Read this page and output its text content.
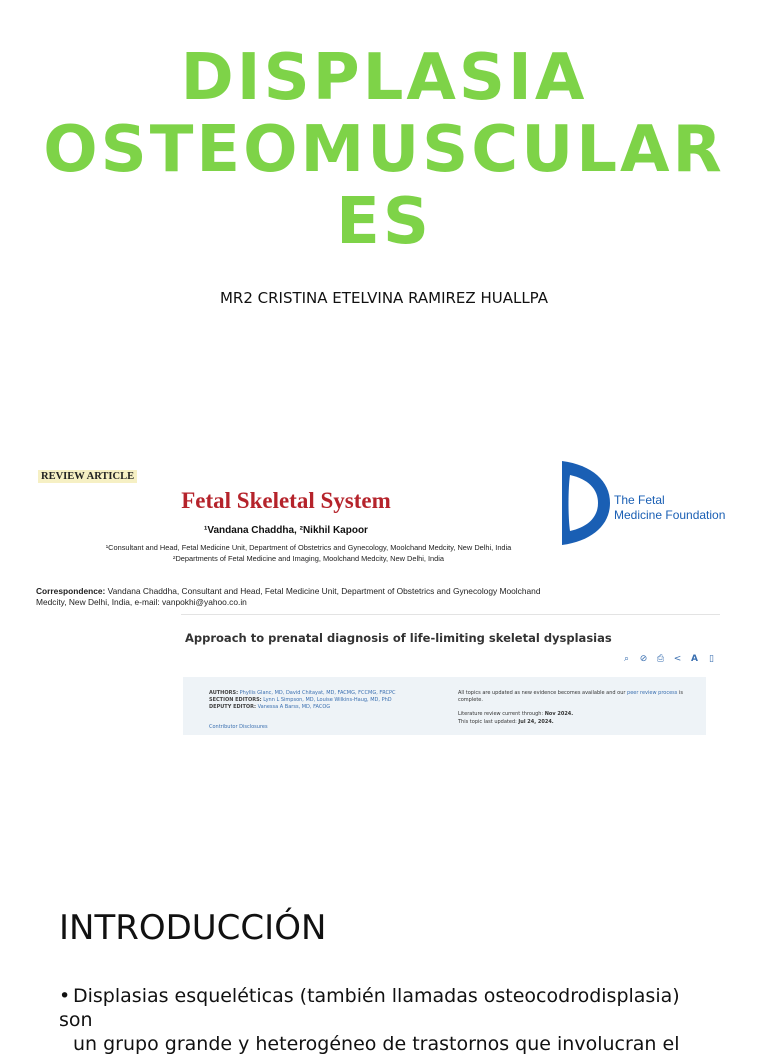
DISPLASIA
OSTEOMUSCULAR
ES
MR2 CRISTINA ETELVINA RAMIREZ HUALLPA
REVIEW ARTICLE
Fetal Skeletal System
¹Vandana Chaddha, ²Nikhil Kapoor
¹Consultant and Head, Fetal Medicine Unit, Department of Obstetrics and Gynecology, Moolchand Medcity, New Delhi, India
²Departments of Fetal Medicine and Imaging, Moolchand Medcity, New Delhi, India
Correspondence: Vandana Chaddha, Consultant and Head, Fetal Medicine Unit, Department of Obstetrics and Gynecology Moolchand Medcity, New Delhi, India, e-mail: vanpokhi@yahoo.co.in
The Fetal
Medicine Foundation
Approach to prenatal diagnosis of life-limiting skeletal dysplasias
⌕ ⊘ ⎙ < A ▯
AUTHORS: Phyllis Glanc, MD, David Chitayat, MD, FACMG, FCCMG, FRCPC
SECTION EDITORS: Lynn L Simpson, MD, Louise Wilkins-Haug, MD, PhD
DEPUTY EDITOR: Vanessa A Barss, MD, FACOG
Contributor Disclosures
All topics are updated as new evidence becomes available and our peer review process is complete.
Literature review current through: Nov 2024.
This topic last updated: Jul 24, 2024.
INTRODUCCIÓN
• Displasias esqueléticas (también llamadas osteocodrodisplasia) son
un grupo grande y heterogéneo de trastornos que involucran el
